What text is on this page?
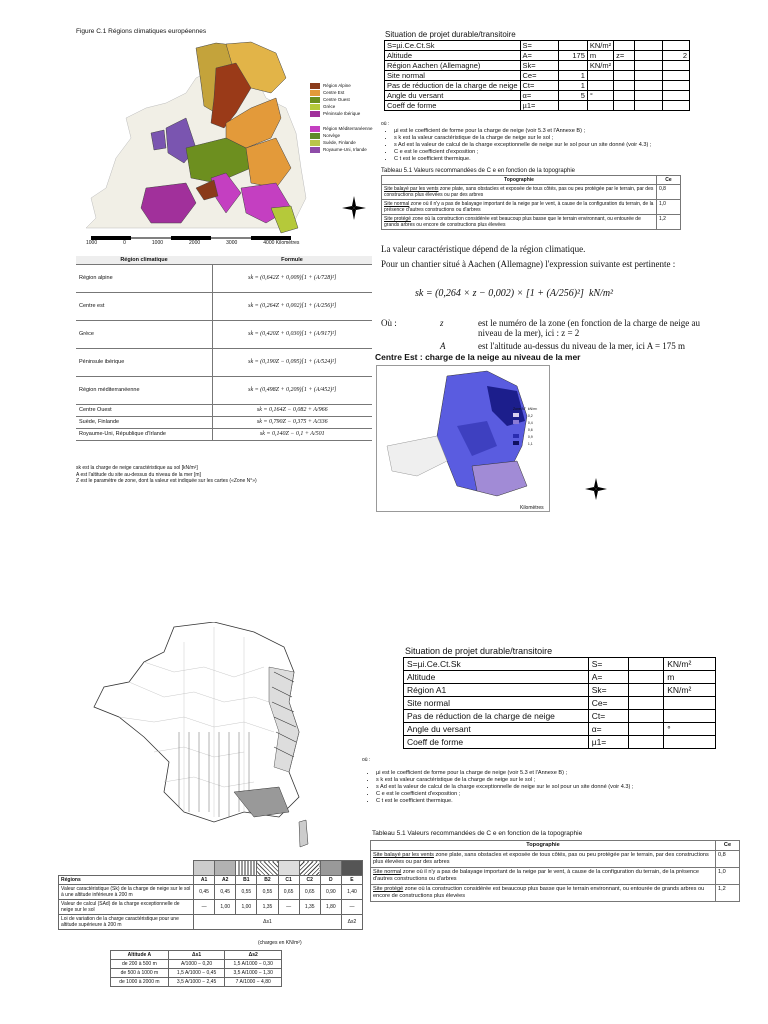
Figure C.1 Régions climatiques européennes
Région Alpine
Centre Est
Centre Ouest
Grèce
Péninsule Ibérique
Région Méditerranéenne
Norvège
Suède, Finlande
Royaume-Uni, Irlande
1000	0	1000	2000	3000	4000 Kilomètres
Situation de projet durable/transitoire
S=µi.Ce.Ct.Sk	S=		KN/m²			
Altitude	A=	175	m	z=		2
Région Aachen (Allemagne)	Sk=		KN/m²			
Site normal	Ce=	1				
Pas de réduction de la charge de neige	Ct=	1				
Angle du versant	α=	5	°			
Coeff de forme	µ1=					
où :
• µi est le coefficient de forme pour la charge de neige (voir 5.3 et l'Annexe B) ;
• s k est la valeur caractéristique de la charge de neige sur le sol ;
• s Ad est la valeur de calcul de la charge exceptionnelle de neige sur le sol pour un site donné (voir 4.3) ;
• C e est le coefficient d'exposition ;
• C t est le coefficient thermique.
Tableau 5.1 Valeurs recommandées de C e en fonction de la topographie
Topographie	Ce
Site balayé par les vents zone plate, sans obstacles et exposée de tous côtés, pas ou peu protégée par le terrain, par des constructions plus élevées ou par des arbres	0,8
Site normal zone où il n'y a pas de balayage important de la neige par le vent, à cause de la configuration du terrain, de la présence d'autres constructions ou d'arbres	1,0
Site protégé zone où la construction considérée est beaucoup plus basse que le terrain environnant, ou entourée de grands arbres ou encore de constructions plus élevées	1,2
Région climatique	Formule
Région alpine	sk = (0,642Z + 0,009)[1 + (A/728)²]
Centre est	sk = (0,264Z + 0,002)[1 + (A/256)²]
Grèce	sk = (0,420Z + 0,030)[1 + (A/917)²]
Péninsule ibérique	sk = (0,190Z − 0,095)[1 + (A/524)²]
Région méditerranéenne	sk = (0,498Z + 0,209)[1 + (A/452)²]
Centre Ouest	sk = 0,164Z − 0,082 + A/966
Suède, Finlande	sk = 0,790Z − 0,375 + A/336
Royaume-Uni, République d'Irlande	sk = 0,140Z − 0,1 + A/501
sk est la charge de neige caractéristique au sol [kN/m²]
A est l'altitude du site au-dessus du niveau de la mer [m]
Z est le paramètre de zone, dont la valeur est indiquée sur les cartes («Zone N°»)
La valeur caractéristique dépend de la région climatique.
Pour un chantier situé à Aachen (Allemagne) l'expression suivante est pertinente :
sk = (0,264 × z − 0,002) × [1 + (A/256)²] kN/m²
Où :	z	est le numéro de la zone (en fonction de la charge de neige au niveau de la mer), ici : z = 2
A	est l'altitude au-dessus du niveau de la mer, ici A = 175 m
Centre Est : charge de la neige au niveau de la mer
Zone N°	kN/m²
	0,2
	0,4
	0,6
	0,9
	1,1
Kilomètres
Situation de projet durable/transitoire
S=µi.Ce.Ct.Sk	S=		KN/m²
Altitude	A=		m
Région A1	Sk=		KN/m²
Site normal	Ce=		
Pas de réduction de la charge de neige	Ct=		
Angle du versant	α=		°
Coeff de forme	µ1=		
où :
• µi est le coefficient de forme pour la charge de neige (voir 5.3 et l'Annexe B) ;
• s k est la valeur caractéristique de la charge de neige sur le sol ;
• s Ad est la valeur de calcul de la charge exceptionnelle de neige sur le sol pour un site donné (voir 4.3) ;
• C e est le coefficient d'exposition ;
• C t est le coefficient thermique.
Tableau 5.1 Valeurs recommandées de C e en fonction de la topographie
Topographie	Ce
Site balayé par les vents zone plate, sans obstacles et exposée de tous côtés, pas ou peu protégée par le terrain, par des constructions plus élevées ou par des arbres	0,8
Site normal zone où il n'y a pas de balayage important de la neige par le vent, à cause de la configuration du terrain, de la présence d'autres constructions ou d'arbres	1,0
Site protégé zone où la construction considérée est beaucoup plus basse que le terrain environnant, ou entourée de grands arbres ou encore de constructions plus élevées	1,2

Régions	A1	A2	B1	B2	C1	C2	D	E
Valeur caractéristique (Sk) de la charge de neige sur le sol à une altitude inférieure à 200 m	0,45	0,45	0,55	0,55	0,65	0,65	0,90	1,40
Valeur de calcul (SAd) de la charge exceptionnelle de neige sur le sol	—	1,00	1,00	1,35	—	1,35	1,80	—
Loi de variation de la charge caractéristique pour une altitude supérieure à 200 m	Δs1							Δs2
(charges en KN/m²)
Altitude A	Δs1	Δs2
de 200 à 500 m	A/1000 − 0,20	1,5 A/1000 − 0,30
de 500 à 1000 m	1,5 A/1000 − 0,45	3,5 A/1000 − 1,30
de 1000 à 2000 m	3,5 A/1000 − 2,45	7 A/1000 − 4,80
